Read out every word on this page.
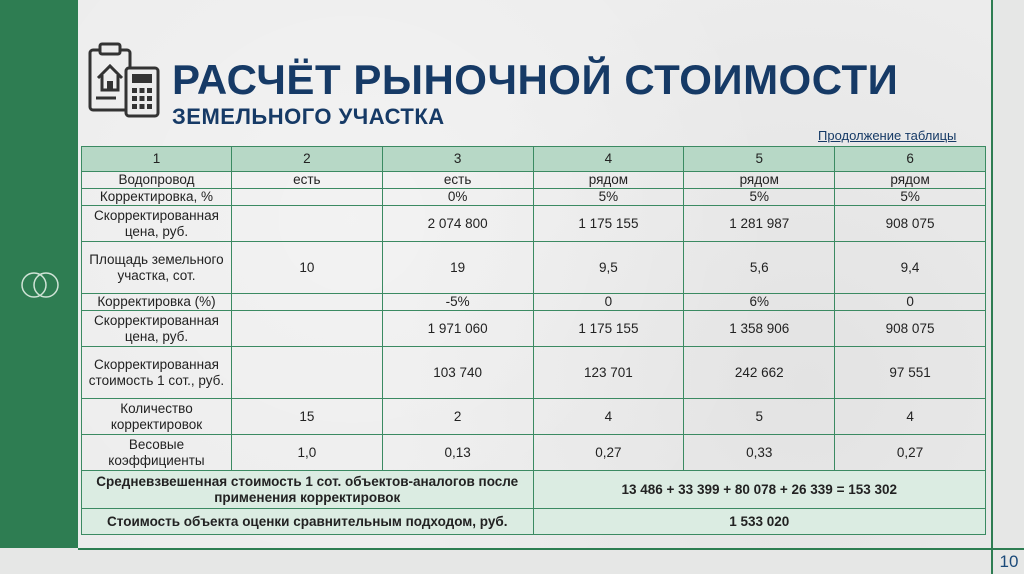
10
РАСЧЁТ РЫНОЧНОЙ СТОИМОСТИ
ЗЕМЕЛЬНОГО УЧАСТКА
Продолжение таблицы
1	2	3	4	5	6
Водопровод	есть	есть	рядом	рядом	рядом
Корректировка, %		0%	5%	5%	5%
Скорректированная цена, руб.		2 074 800	1 175 155	1 281 987	908 075
Площадь земельного участка, сот.	10	19	9,5	5,6	9,4
Корректировка (%)		-5%	0	6%	0
Скорректированная цена, руб.		1 971 060	1 175 155	1 358 906	908 075
Скорректированная стоимость 1 сот., руб.		103 740	123 701	242 662	97 551
Количество корректировок	15	2	4	5	4
Весовые коэффициенты	1,0	0,13	0,27	0,33	0,27
Средневзвешенная стоимость 1 сот. объектов-аналогов после применения корректировок			13 486 + 33 399 + 80 078 + 26 339 = 153 302		
Стоимость объекта оценки сравнительным подходом, руб.			1 533 020		
